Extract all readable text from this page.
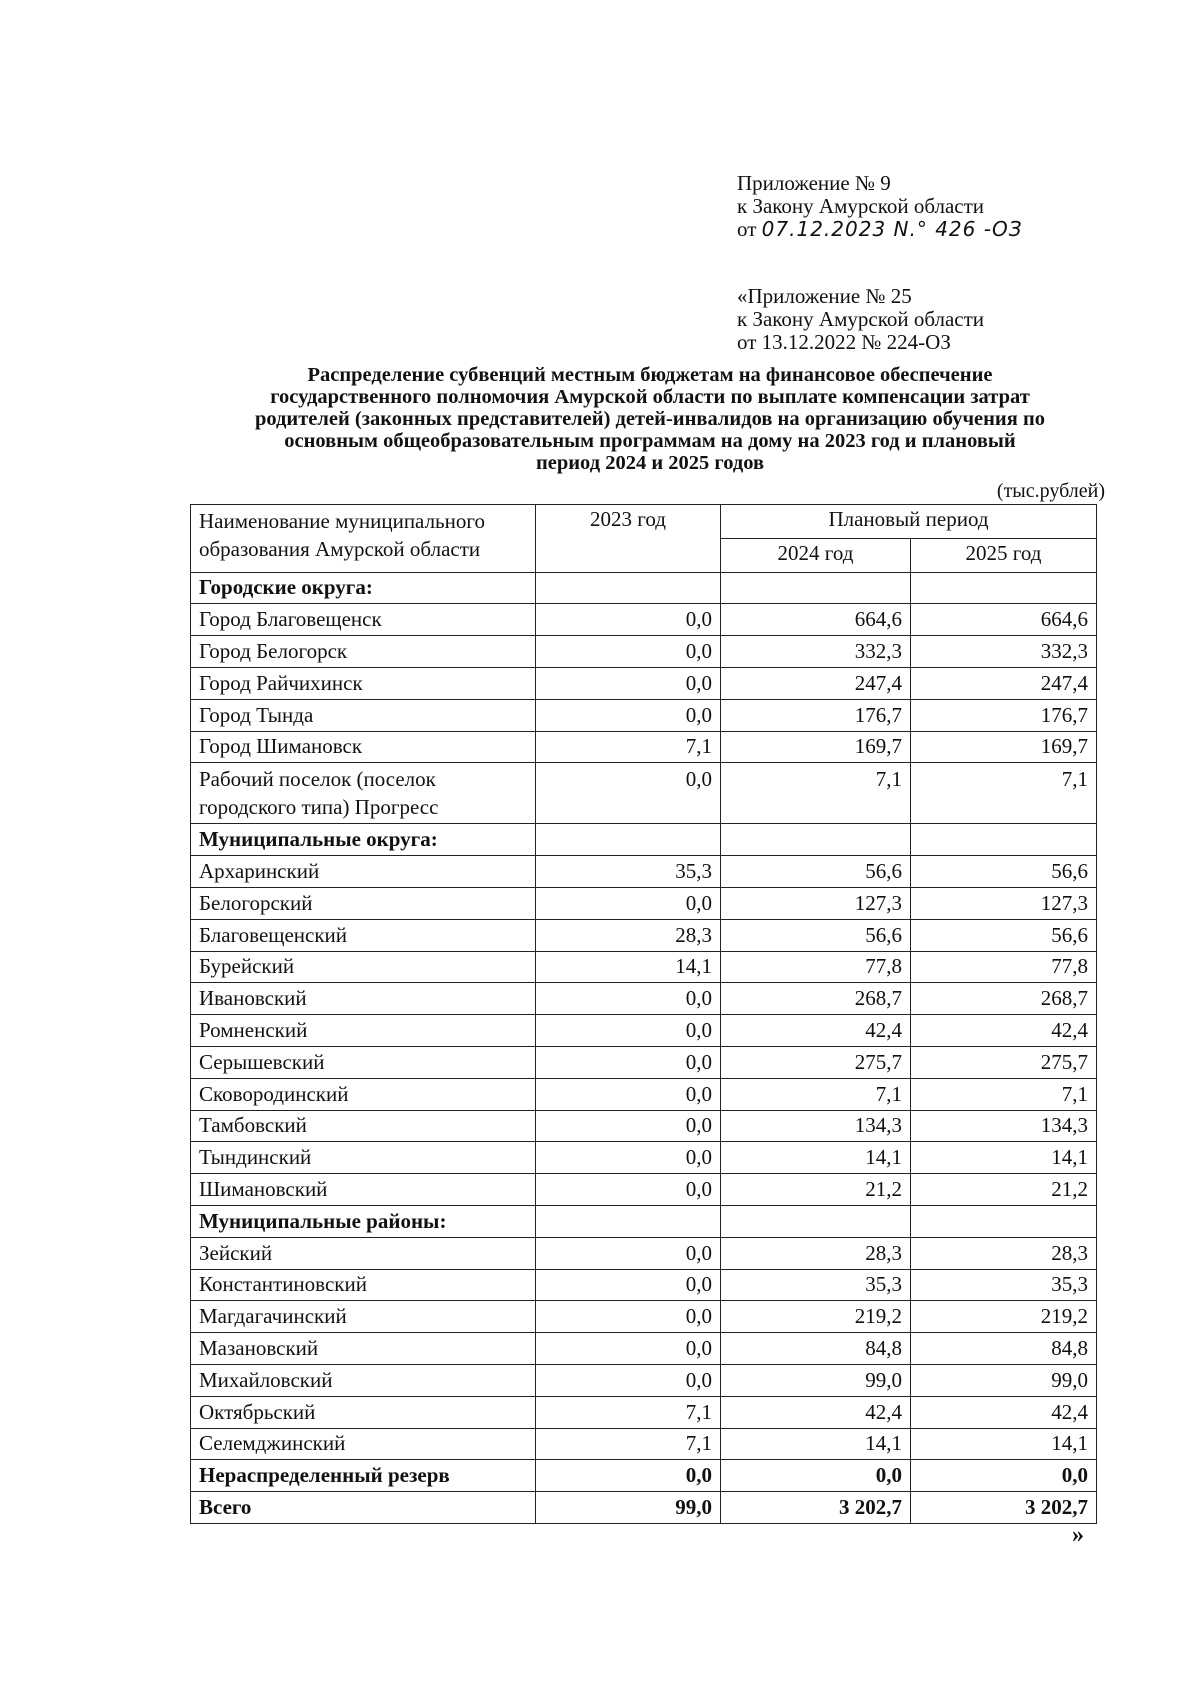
Приложение № 9
к Закону Амурской области
от 07.12.2023 N.° 426 -ОЗ
«Приложение № 25
к Закону Амурской области
от 13.12.2022 № 224-ОЗ
Распределение субвенций местным бюджетам на финансовое обеспечение
государственного полномочия Амурской области по выплате компенсации затрат
родителей (законных представителей) детей-инвалидов на организацию обучения по
основным общеобразовательным программам на дому на 2023 год и плановый
период 2024 и 2025 годов
(тыс.рублей)
Наименование муниципального образования Амурской области	2023 год	Плановый период	
		2024 год	2025 год
Городские округа:			
Город Благовещенск	0,0	664,6	664,6
Город Белогорск	0,0	332,3	332,3
Город Райчихинск	0,0	247,4	247,4
Город Тында	0,0	176,7	176,7
Город Шимановск	7,1	169,7	169,7
Рабочий поселок (поселок городского типа) Прогресс	0,0	7,1	7,1
Муниципальные округа:			
Архаринский	35,3	56,6	56,6
Белогорский	0,0	127,3	127,3
Благовещенский	28,3	56,6	56,6
Бурейский	14,1	77,8	77,8
Ивановский	0,0	268,7	268,7
Ромненский	0,0	42,4	42,4
Серышевский	0,0	275,7	275,7
Сковородинский	0,0	7,1	7,1
Тамбовский	0,0	134,3	134,3
Тындинский	0,0	14,1	14,1
Шимановский	0,0	21,2	21,2
Муниципальные районы:			
Зейский	0,0	28,3	28,3
Константиновский	0,0	35,3	35,3
Магдагачинский	0,0	219,2	219,2
Мазановский	0,0	84,8	84,8
Михайловский	0,0	99,0	99,0
Октябрьский	7,1	42,4	42,4
Селемджинский	7,1	14,1	14,1
Нераспределенный резерв	0,0	0,0	0,0
Всего	99,0	3 202,7	3 202,7
»
